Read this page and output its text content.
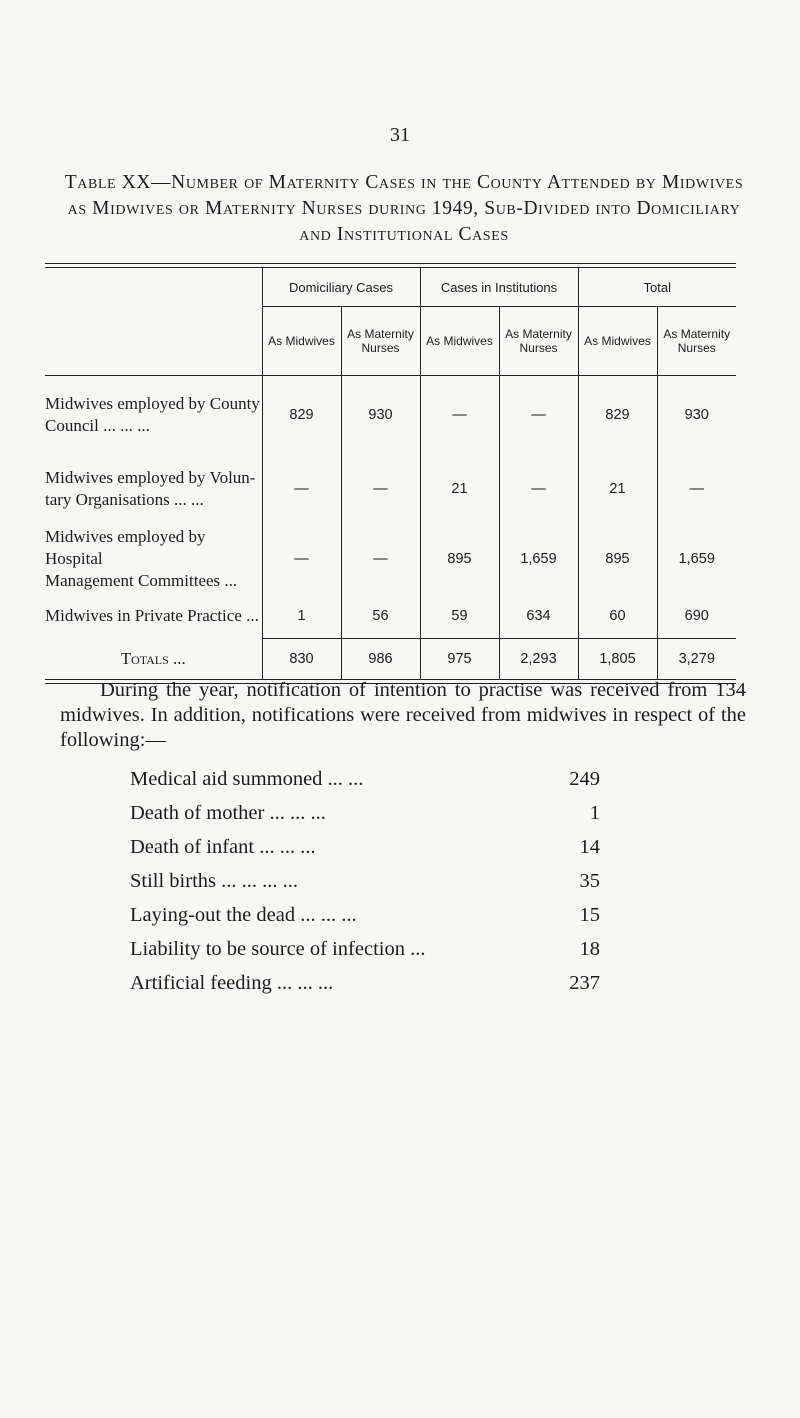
31
Table XX—Number of Maternity Cases in the County Attended by Midwives as Midwives or Maternity Nurses during 1949, Sub-Divided into Domiciliary and Institutional Cases
	Domiciliary Cases		Cases in Institutions		Total	
	As Midwives	As Maternity Nurses	As Midwives	As Maternity Nurses	As Midwives	As Maternity Nurses

Midwives employed by County
Council ... ... ...	829	930	—	—	829	930

Midwives employed by Volun-
tary Organisations ... ...	—	—	21	—	21	—

Midwives employed by Hospital
Management Committees ...	—	—	895	1,659	895	1,659

Midwives in Private Practice ...	1	56	59	634	60	690
Totals ...	830	986	975	2,293	1,805	3,279
During the year, notification of intention to practise was received from 134 midwives. In addition, notifications were received from midwives in respect of the following:—
Medical aid summoned ... ...	249
Death of mother ... ... ...	1
Death of infant ... ... ...	14
Still births ... ... ... ...	35
Laying-out the dead ... ... ...	15
Liability to be source of infection ...	18
Artificial feeding ... ... ...	237
